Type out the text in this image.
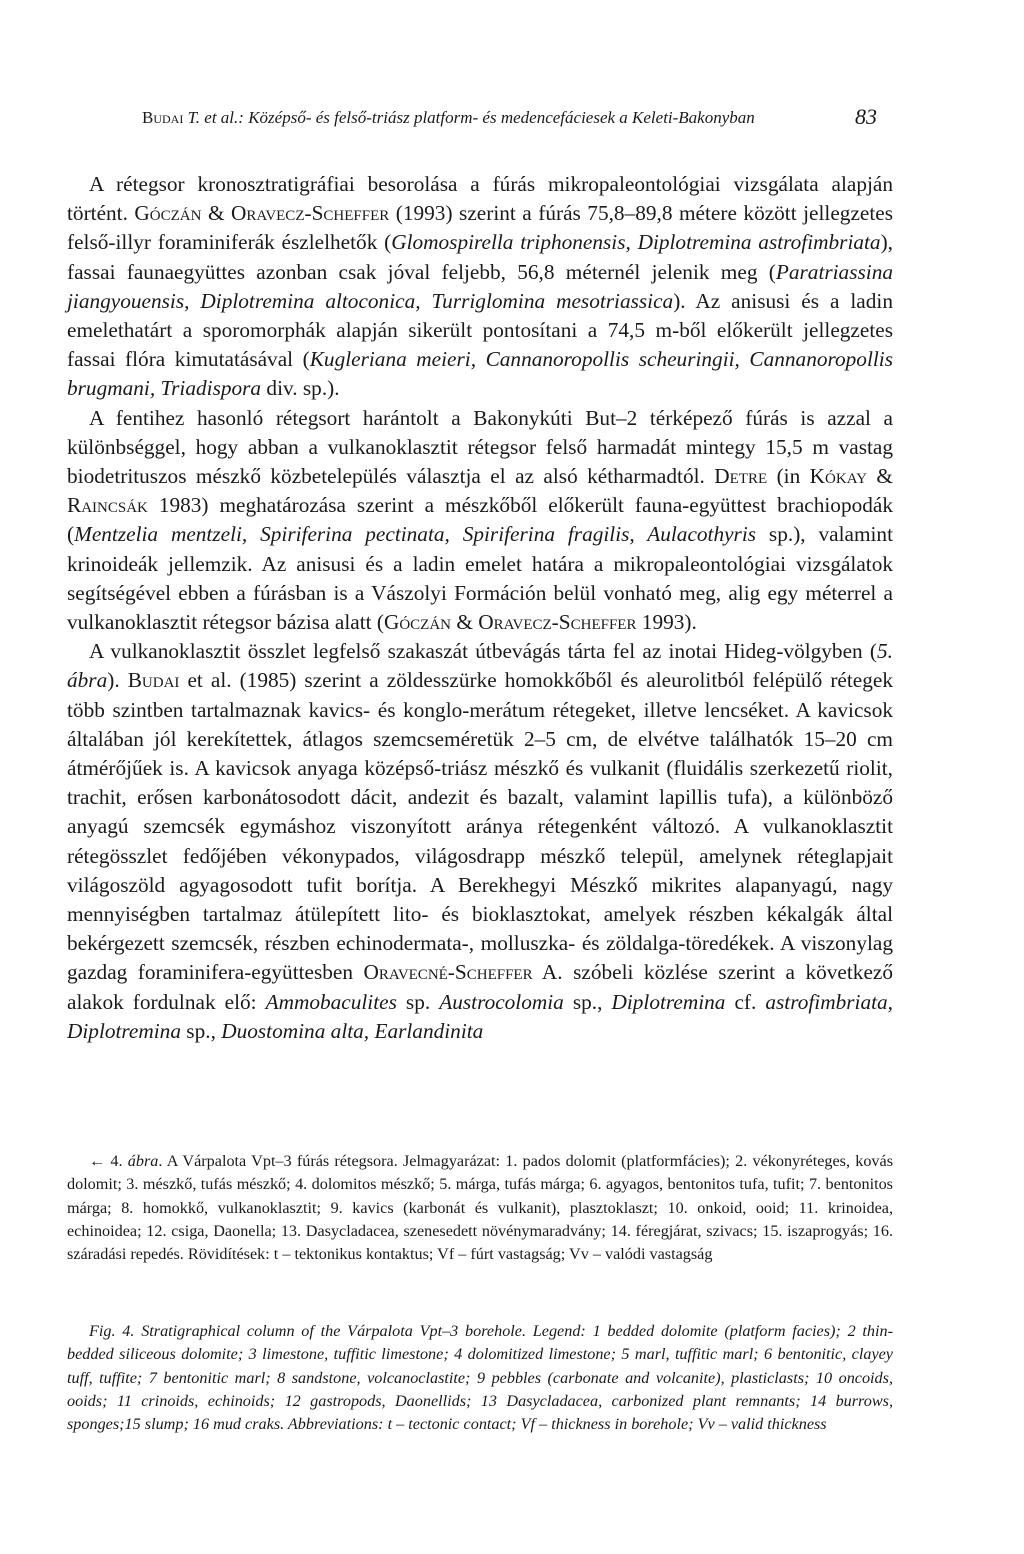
Budai T. et al.: Középső- és felső-triász platform- és medencefáciesek a Keleti-Bakonyban	83

A rétegsor kronosztratigráfiai besorolása a fúrás mikropaleontológiai vizsgálata alapján történt. Góczán & Oravecz-Scheffer (1993) szerint a fúrás 75,8–89,8 métere között jellegzetes felső-illyr foraminiferák észlelhetők (Glomospirella triphonensis, Diplotremina astrofimbriata), fassai faunaegyüttes azonban csak jóval feljebb, 56,8 méternél jelenik meg (Paratriassina jiangyouensis, Diplotremina altoconica, Turriglomina mesotriassica). Az anisusi és a ladin emelethatárt a sporomorphák alapján sikerült pontosítani a 74,5 m-ből előkerült jellegzetes fassai flóra kimutatásával (Kugleriana meieri, Cannanoropollis scheuringii, Cannanoropollis brugmani, Triadispora div. sp.).

A fentihez hasonló rétegsort harántolt a Bakonykúti But–2 térképező fúrás is azzal a különbséggel, hogy abban a vulkanoklasztit rétegsor felső harmadát mintegy 15,5 m vastag biodetrituszos mészkő közbetelepülés választja el az alsó kétharmadtól. Detre (in Kókay & Raincsák 1983) meghatározása szerint a mészkőből előkerült fauna-együttest brachiopodák (Mentzelia mentzeli, Spiriferina pectinata, Spiriferina fragilis, Aulacothyris sp.), valamint krinoideák jellemzik. Az anisusi és a ladin emelet határa a mikropaleontológiai vizsgálatok segítségével ebben a fúrásban is a Vászolyi Formáción belül vonható meg, alig egy méterrel a vulkanoklasztit rétegsor bázisa alatt (Góczán & Oravecz-Scheffer 1993).

A vulkanoklasztit összlet legfelső szakaszát útbevágás tárta fel az inotai Hideg-völgyben (5. ábra). Budai et al. (1985) szerint a zöldesszürke homokkőből és aleurolitból felépülő rétegek több szintben tartalmaznak kavics- és konglo-merátum rétegeket, illetve lencséket. A kavicsok általában jól kerekítettek, átlagos szemcseméretük 2–5 cm, de elvétve találhatók 15–20 cm átmérőjűek is. A kavicsok anyaga középső-triász mészkő és vulkanit (fluidális szerkezetű riolit, trachit, erősen karbonátosodott dácit, andezit és bazalt, valamint lapillis tufa), a különböző anyagú szemcsék egymáshoz viszonyított aránya rétegenként változó. A vulkanoklasztit rétegösszlet fedőjében vékonypados, világosdrapp mészkő települ, amelynek réteglapjait világoszöld agyagosodott tufit borítja. A Berekhegyi Mészkő mikrites alapanyagú, nagy mennyiségben tartalmaz átülepített lito- és bioklasztokat, amelyek részben kékalgák által bekérgezett szemcsék, részben echinodermata-, molluszka- és zöldalga-töredékek. A viszonylag gazdag foraminifera-együttesben Oravecné-Scheffer A. szóbeli közlése szerint a következő alakok fordulnak elő: Ammobaculites sp. Austrocolomia sp., Diplotremina cf. astrofimbriata, Diplotremina sp., Duostomina alta, Earlandinita

← 4. ábra. A Várpalota Vpt–3 fúrás rétegsora. Jelmagyarázat: 1. pados dolomit (platformfácies); 2. vékonyréteges, kovás dolomit; 3. mészkő, tufás mészkő; 4. dolomitos mészkő; 5. márga, tufás márga; 6. agyagos, bentonitos tufa, tufit; 7. bentonitos márga; 8. homokkő, vulkanoklasztit; 9. kavics (karbonát és vulkanit), plasztoklaszt; 10. onkoid, ooid; 11. krinoidea, echinoidea; 12. csiga, Daonella; 13. Dasycladacea, szenesedett növénymaradvány; 14. féregjárat, szivacs; 15. iszaprogyás; 16. száradási repedés. Rövidítések: t – tektonikus kontaktus; Vf – fúrt vastagság; Vv – valódi vastagság

Fig. 4. Stratigraphical column of the Várpalota Vpt–3 borehole. Legend: 1 bedded dolomite (platform facies); 2 thin-bedded siliceous dolomite; 3 limestone, tuffitic limestone; 4 dolomitized limestone; 5 marl, tuffitic marl; 6 bentonitic, clayey tuff, tuffite; 7 bentonitic marl; 8 sandstone, volcanoclastite; 9 pebbles (carbonate and volcanite), plasticlasts; 10 oncoids, ooids; 11 crinoids, echinoids; 12 gastropods, Daonellids; 13 Dasycladacea, carbonized plant remnants; 14 burrows, sponges;15 slump; 16 mud craks. Abbreviations: t – tectonic contact; Vf – thickness in borehole; Vv – valid thickness
